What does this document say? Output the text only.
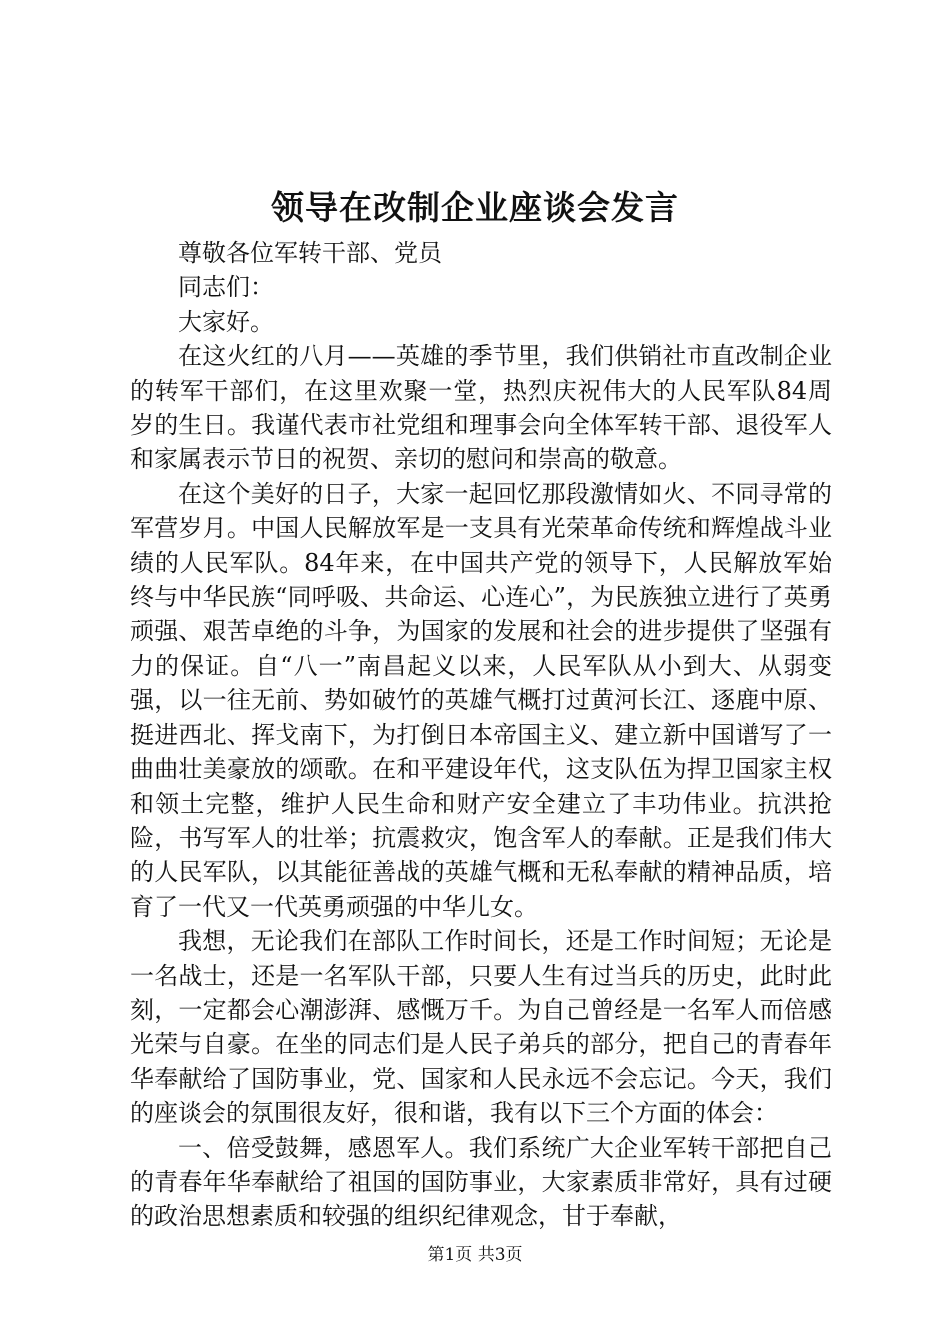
领导在改制企业座谈会发言

尊敬各位军转干部、党员

同志们：

大家好。

在这火红的八月——英雄的季节里，我们供销社市直改制企业的转军干部们，在这里欢聚一堂，热烈庆祝伟大的人民军队84周岁的生日。我谨代表市社党组和理事会向全体军转干部、退役军人和家属表示节日的祝贺、亲切的慰问和崇高的敬意。

在这个美好的日子，大家一起回忆那段激情如火、不同寻常的军营岁月。中国人民解放军是一支具有光荣革命传统和辉煌战斗业绩的人民军队。84年来，在中国共产党的领导下，人民解放军始终与中华民族“同呼吸、共命运、心连心”，为民族独立进行了英勇顽强、艰苦卓绝的斗争，为国家的发展和社会的进步提供了坚强有力的保证。自“八一”南昌起义以来，人民军队从小到大、从弱变强，以一往无前、势如破竹的英雄气概打过黄河长江、逐鹿中原、挺进西北、挥戈南下，为打倒日本帝国主义、建立新中国谱写了一曲曲壮美豪放的颂歌。在和平建设年代，这支队伍为捍卫国家主权和领土完整，维护人民生命和财产安全建立了丰功伟业。抗洪抢险，书写军人的壮举；抗震救灾，饱含军人的奉献。正是我们伟大的人民军队，以其能征善战的英雄气概和无私奉献的精神品质，培育了一代又一代英勇顽强的中华儿女。

我想，无论我们在部队工作时间长，还是工作时间短；无论是一名战士，还是一名军队干部，只要人生有过当兵的历史，此时此刻，一定都会心潮澎湃、感慨万千。为自己曾经是一名军人而倍感光荣与自豪。在坐的同志们是人民子弟兵的部分，把自己的青春年华奉献给了国防事业，党、国家和人民永远不会忘记。今天，我们的座谈会的氛围很友好，很和谐，我有以下三个方面的体会：

一、倍受鼓舞，感恩军人。我们系统广大企业军转干部把自己的青春年华奉献给了祖国的国防事业，大家素质非常好，具有过硬的政治思想素质和较强的组织纪律观念，甘于奉献，

第1页 共3页
